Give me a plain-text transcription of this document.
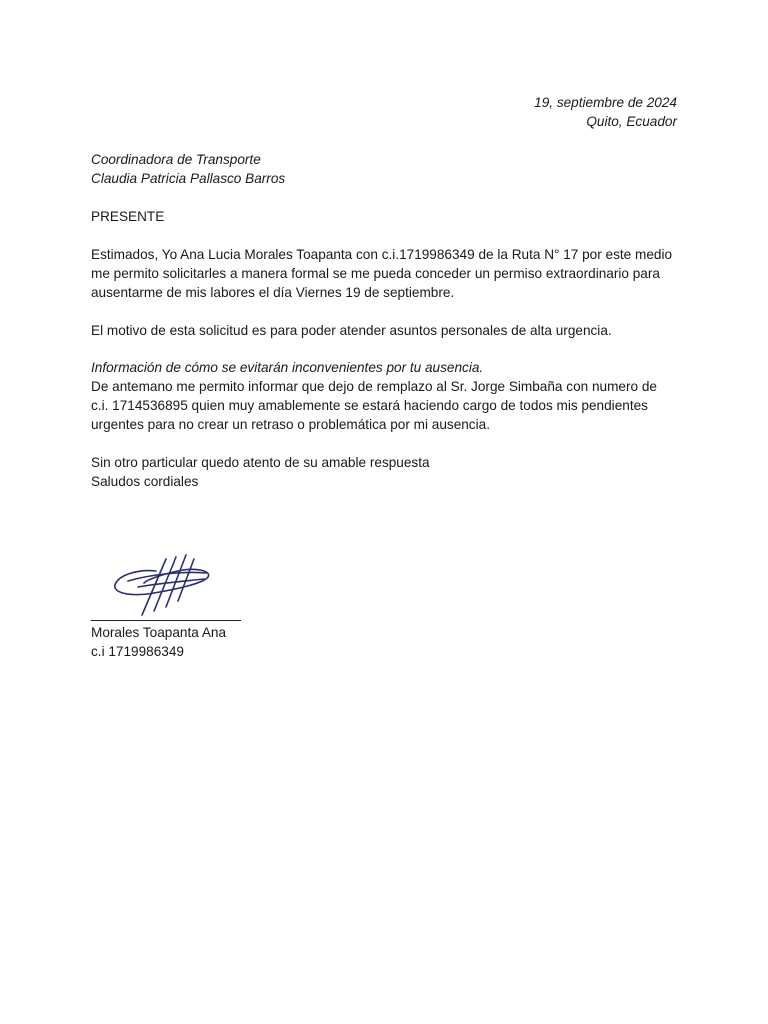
19, septiembre de 2024
Quito, Ecuador
Coordinadora de Transporte
Claudia Patricia Pallasco Barros
PRESENTE
Estimados, Yo Ana Lucia Morales Toapanta con c.i.1719986349 de la Ruta N° 17 por este medio
me permito solicitarles a manera formal se me pueda conceder un permiso extraordinario para
ausentarme de mis labores el día Viernes 19 de septiembre.
El motivo de esta solicitud es para poder atender asuntos personales de alta urgencia.
Información de cómo se evitarán inconvenientes por tu ausencia.
De antemano me permito informar que dejo de remplazo al Sr. Jorge Simbaña con numero de
c.i. 1714536895 quien muy amablemente se estará haciendo cargo de todos mis pendientes
urgentes para no crear un retraso o problemática por mi ausencia.
Sin otro particular quedo atento de su amable respuesta
Saludos cordiales
Morales Toapanta Ana
c.i 1719986349
